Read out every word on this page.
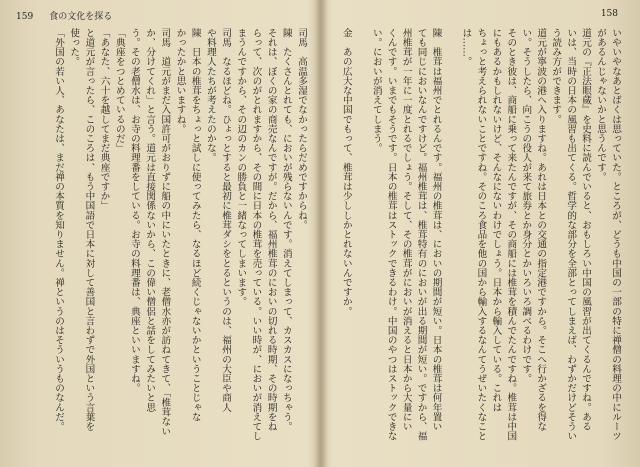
159 食の文化を探る	158
司馬　高温多湿でなかったらだめですからね。
陳　たくさんとれても、においが残らないんです。消えてしまって、カスカスになっちゃう。
それは、ぼくの家の商売なんですが。だから、福州椎茸のにおいの切れる時期、その時期をね
らって、次のがとれますから、その間に日本の椎茸を売っている。いい時が、においが消えてし
まうんですから、その辺のカンの勝負と一緒なってしまいます。
司馬　なるほどね。ひょっとすると最初に椎茸ダシをとるというのは、福州の大臣や商人
や料理人たちが考えたのかな。
陳　日本の椎茸をちょっと試しに使ってみたら、なるほど続くじゃないかということじゃな
かったかと思いますね。
司馬　道元がまだ入国許可がおりずに船の中にいたときに、老僧水亦が訪ねてきて、「椎茸ない
か、分けてくれ」と言う。道元は直接関係ないから、この偉い僧侶と話をしてみたいと思
う。その老僧水は、お寺の料理番をしている。お寺の料理番は、典座といいますね。
「典座をつとめているのだ」
「あなた、六十を越してまだ典座ですか」
と道元が言ったら、このころは、もう中国語で日本に対して善国と言わずで外国という言葉を
使った。
「外国の若い人、あなたは、まだ禅の本質を知りません。禅というのはそういうものなんだ。	いやいやなあとばくは思っていた。ところが、どうも中国の一部の特に禅僧の料理の中にルーツ
があるんじゃないかと思うんです。
道元の『正法眼蔵』を史料に読んでいると、おもしろい中国の風習が出てくるんですね。ある
いは、当時の日本の風習も出てくる。哲学的な部分を全部とってしまえば、わずかだけどそうい
う読み方ができます。
道元が寧波の港へ入りますね。あれは日本との交通の指定港ですから。そこへ行かざるを得な
い。そうしたら、向こうの役人が来て旅券とか身分とかいろいろ調べるわけです。
そのとき彼は、商船に乗って来たんですが、その商船には椎茸を積んでたんですね。椎茸は中国
にもあるかもしれないけど、そんなにないわけでしょう。日本から輸入している。これは
ちょっと考えられないことですね。そのころ食品を他の国から輸入するなんてうぜいたくなこと
は……。
陳　椎茸は福州でとれるんです。福州の椎茸は、においの期間が短い。日本の椎茸は何年置い
ても同じにおいなんですけど。福州椎茸は、椎茸特有のにおいが出る期間が短い。ですから、福
州椎茸が一年に一度とれるでしょう。そして、その椎茸がにおいが消えると日本から大量にい
くんです。いまでもそうです。日本の椎茸はストックできるわけ。中国のやつはストックできな
い。においが消えてしまう。
金　あの広大な中国でもって、椎茸は少ししかとれないんですか。
